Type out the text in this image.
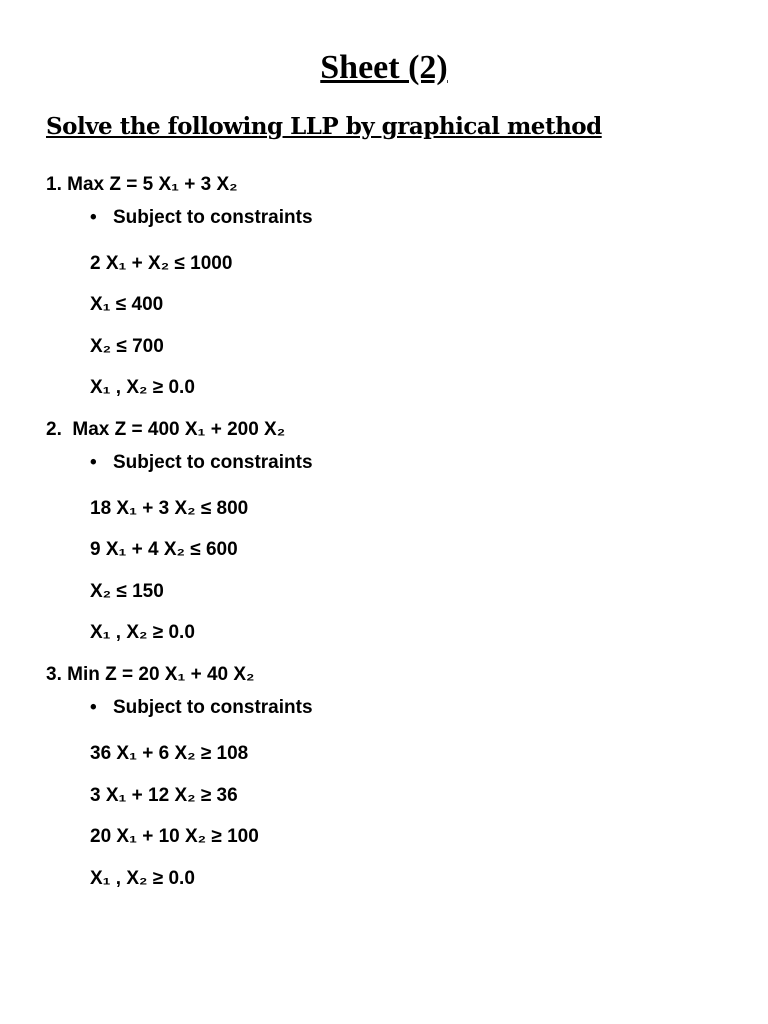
Sheet (2)
Solve the following LLP by graphical method
1. Max Z = 5 X₁ + 3 X₂
• Subject to constraints
2 X₁ + X₂ ≤ 1000
X₁ ≤ 400
X₂ ≤ 700
X₁ , X₂ ≥ 0.0
2.  Max Z = 400 X₁ + 200 X₂
• Subject to constraints
18 X₁ + 3 X₂ ≤ 800
9 X₁ + 4 X₂ ≤ 600
X₂ ≤ 150
X₁ , X₂ ≥ 0.0
3. Min Z = 20 X₁ + 40 X₂
• Subject to constraints
36 X₁ + 6 X₂ ≥ 108
3 X₁ + 12 X₂ ≥ 36
20 X₁ + 10 X₂ ≥ 100
X₁ , X₂ ≥ 0.0
